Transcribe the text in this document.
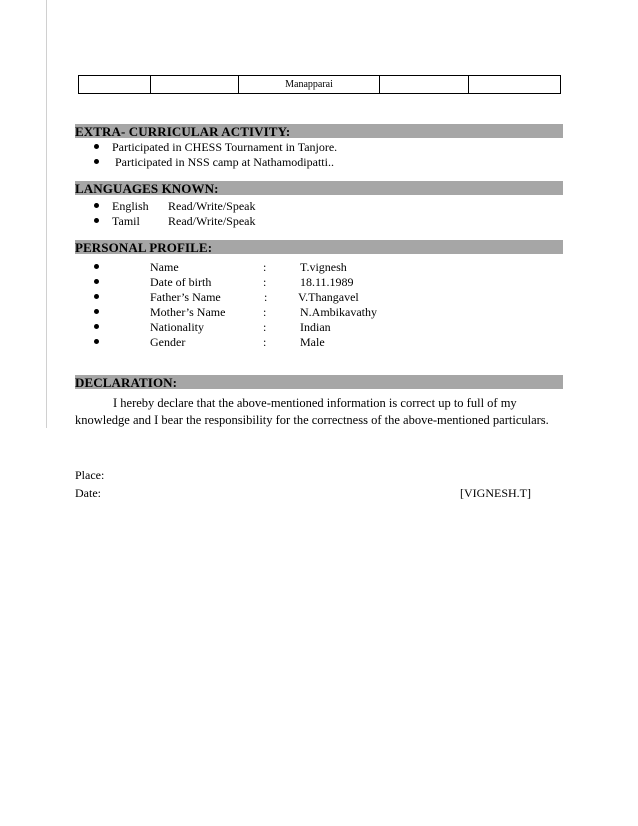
		Manapparai		
EXTRA- CURRICULAR ACTIVITY:
Participated in CHESS Tournament in Tanjore.
Participated in NSS camp at Nathamodipatti..
LANGUAGES KNOWN:
English Read/Write/Speak
Tamil Read/Write/Speak
PERSONAL PROFILE:
Name	:	T.vignesh
Date of birth	:	18.11.1989
Father’s Name	:	V.Thangavel
Mother’s Name	:	N.Ambikavathy
Nationality	:	Indian
Gender	:	Male
DECLARATION:
I hereby declare that the above-mentioned information is correct up to full of my
knowledge and I bear the responsibility for the correctness of the above-mentioned particulars.
Place:
Date:	[VIGNESH.T]
